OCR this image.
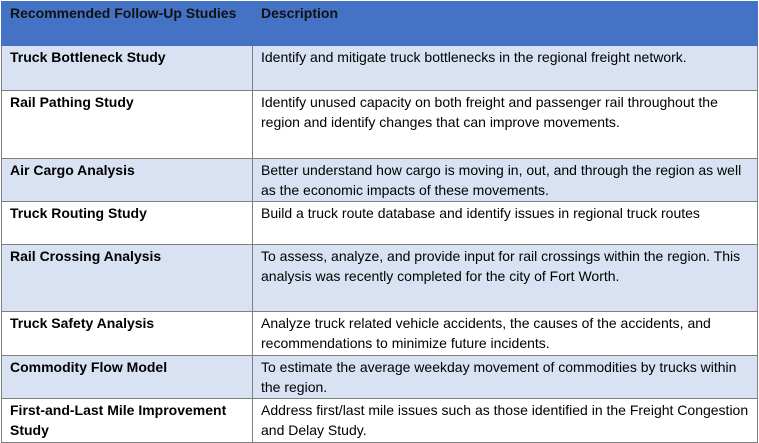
Recommended Follow-Up Studies	Description
Truck Bottleneck Study	Identify and mitigate truck bottlenecks in the regional freight network.
Rail Pathing Study	Identify unused capacity on both freight and passenger rail throughout the region and identify changes that can improve movements.
Air Cargo Analysis	Better understand how cargo is moving in, out, and through the region as well as the economic impacts of these movements.
Truck Routing Study	Build a truck route database and identify issues in regional truck routes
Rail Crossing Analysis	To assess, analyze, and provide input for rail crossings within the region. This analysis was recently completed for the city of Fort Worth.
Truck Safety Analysis	Analyze truck related vehicle accidents, the causes of the accidents, and recommendations to minimize future incidents.
Commodity Flow Model	To estimate the average weekday movement of commodities by trucks within the region.
First-and-Last Mile Improvement Study	Address first/last mile issues such as those identified in the Freight Congestion and Delay Study.
